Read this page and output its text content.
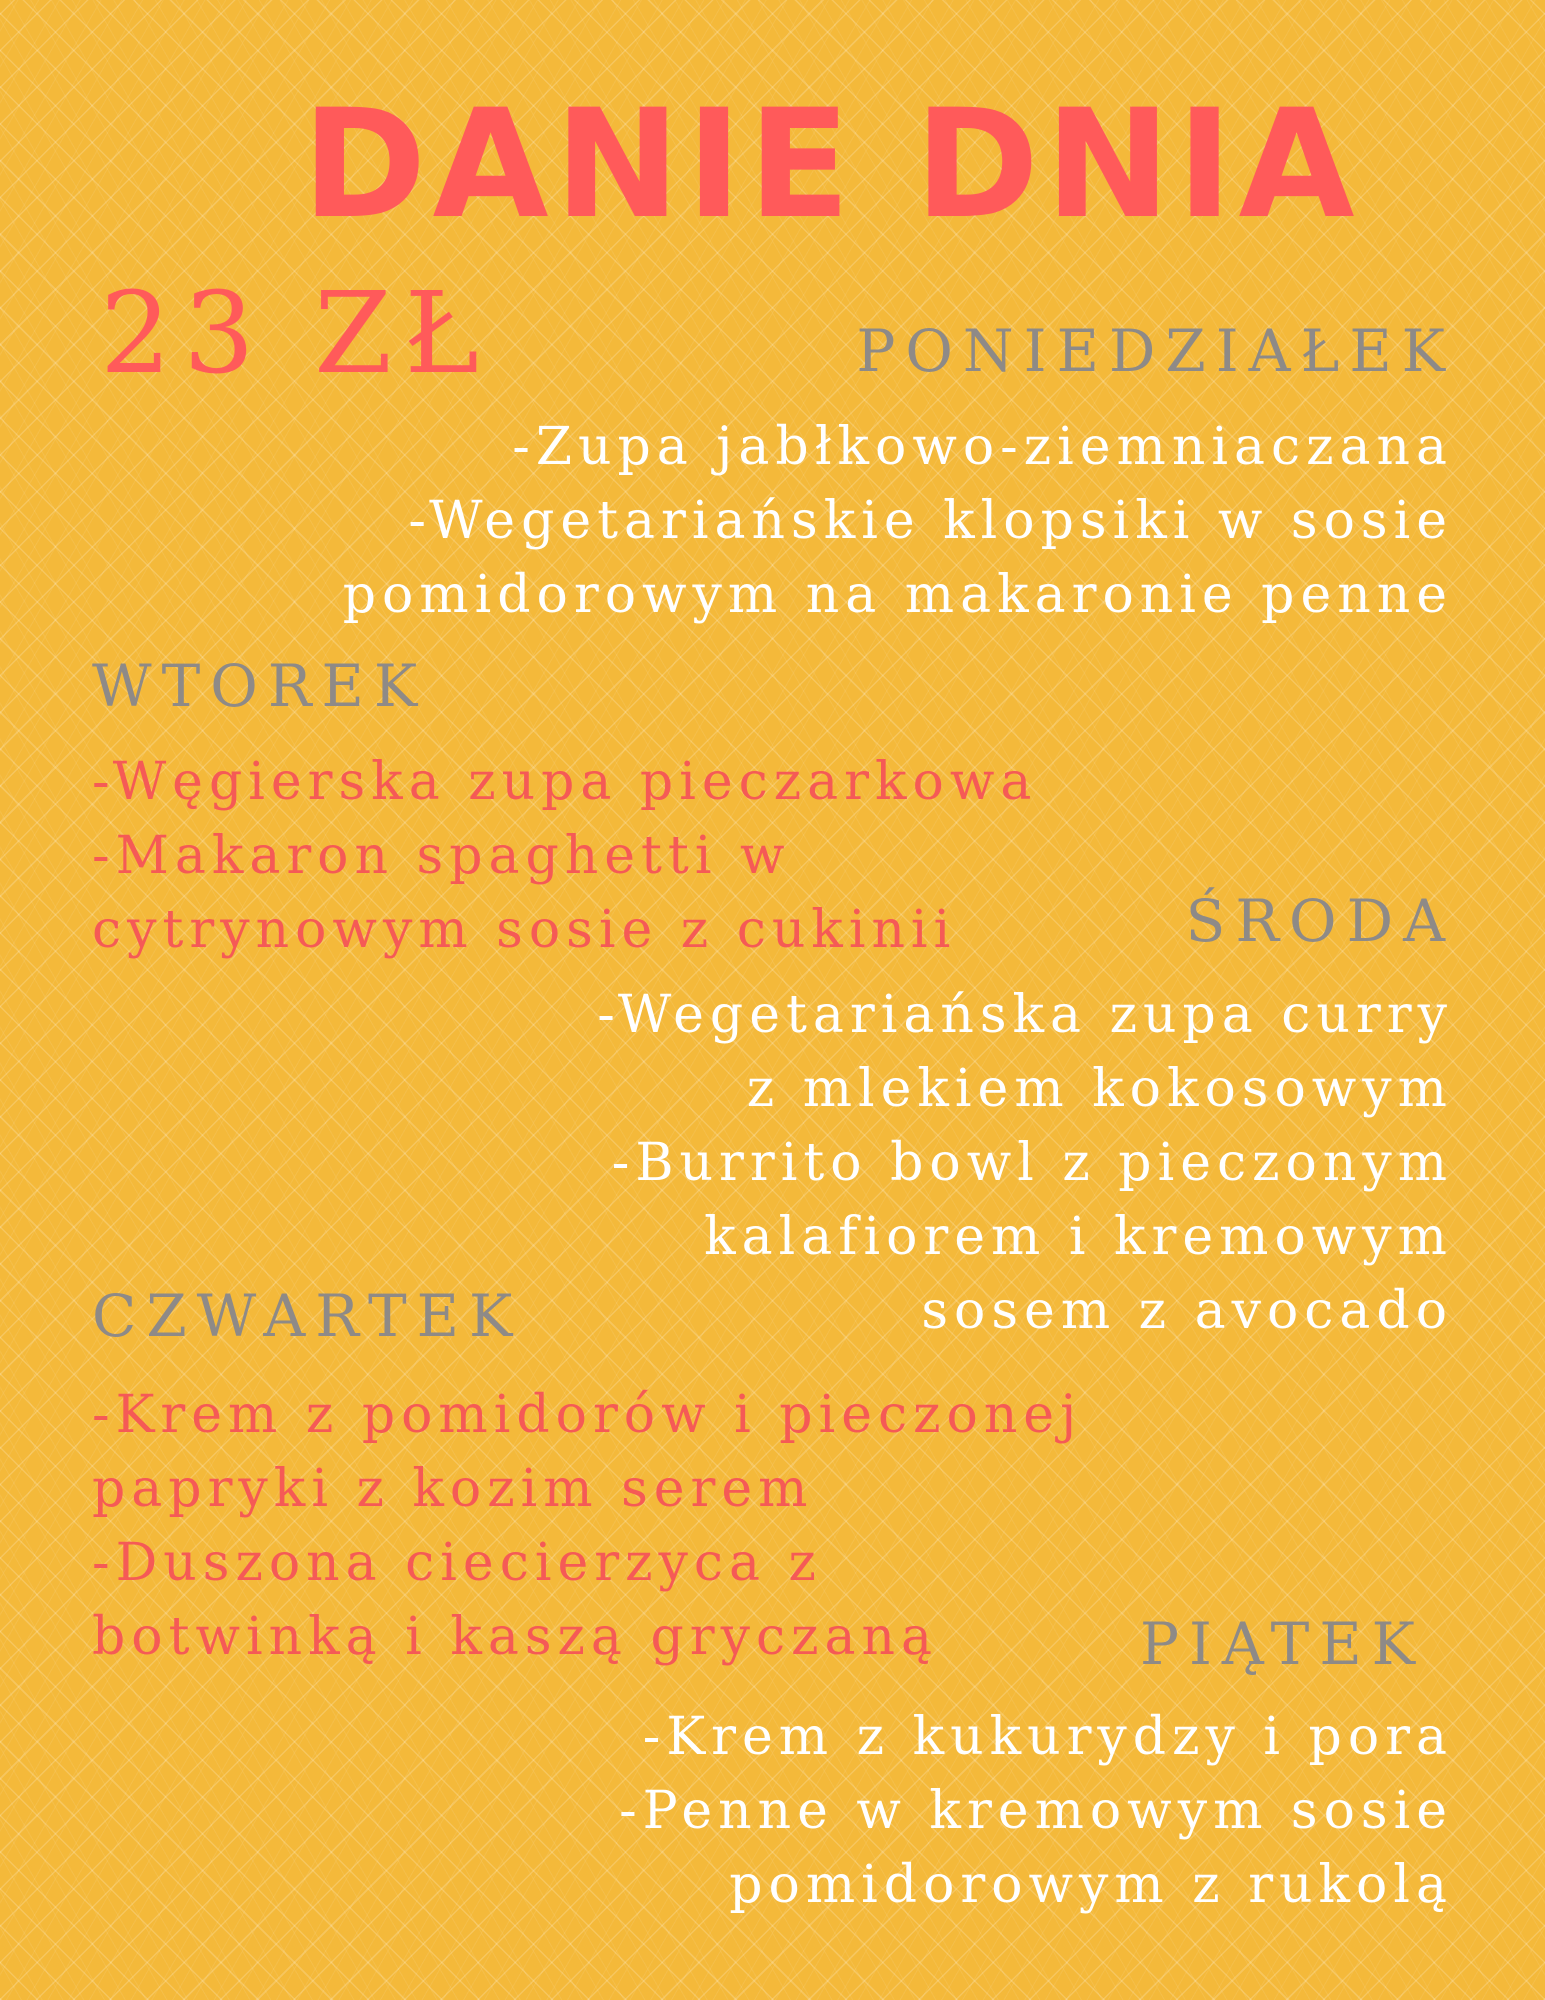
DANIE DNIA
23 ZŁ	PONIEDZIAŁEK
-Zupa jabłkowo-ziemniaczana
-Wegetariańskie klopsiki w sosie
pomidorowym na makaronie penne
WTOREK
-Węgierska zupa pieczarkowa
-Makaron spaghetti w
cytrynowym sosie z cukinii	ŚRODA
-Wegetariańska zupa curry
z mlekiem kokosowym
-Burrito bowl z pieczonym
kalafiorem i kremowym
sosem z avocado
CZWARTEK
-Krem z pomidorów i pieczonej
papryki z kozim serem
-Duszona ciecierzyca z
botwinką i kaszą gryczaną	PIĄTEK
-Krem z kukurydzy i pora
-Penne w kremowym sosie
pomidorowym z rukolą
